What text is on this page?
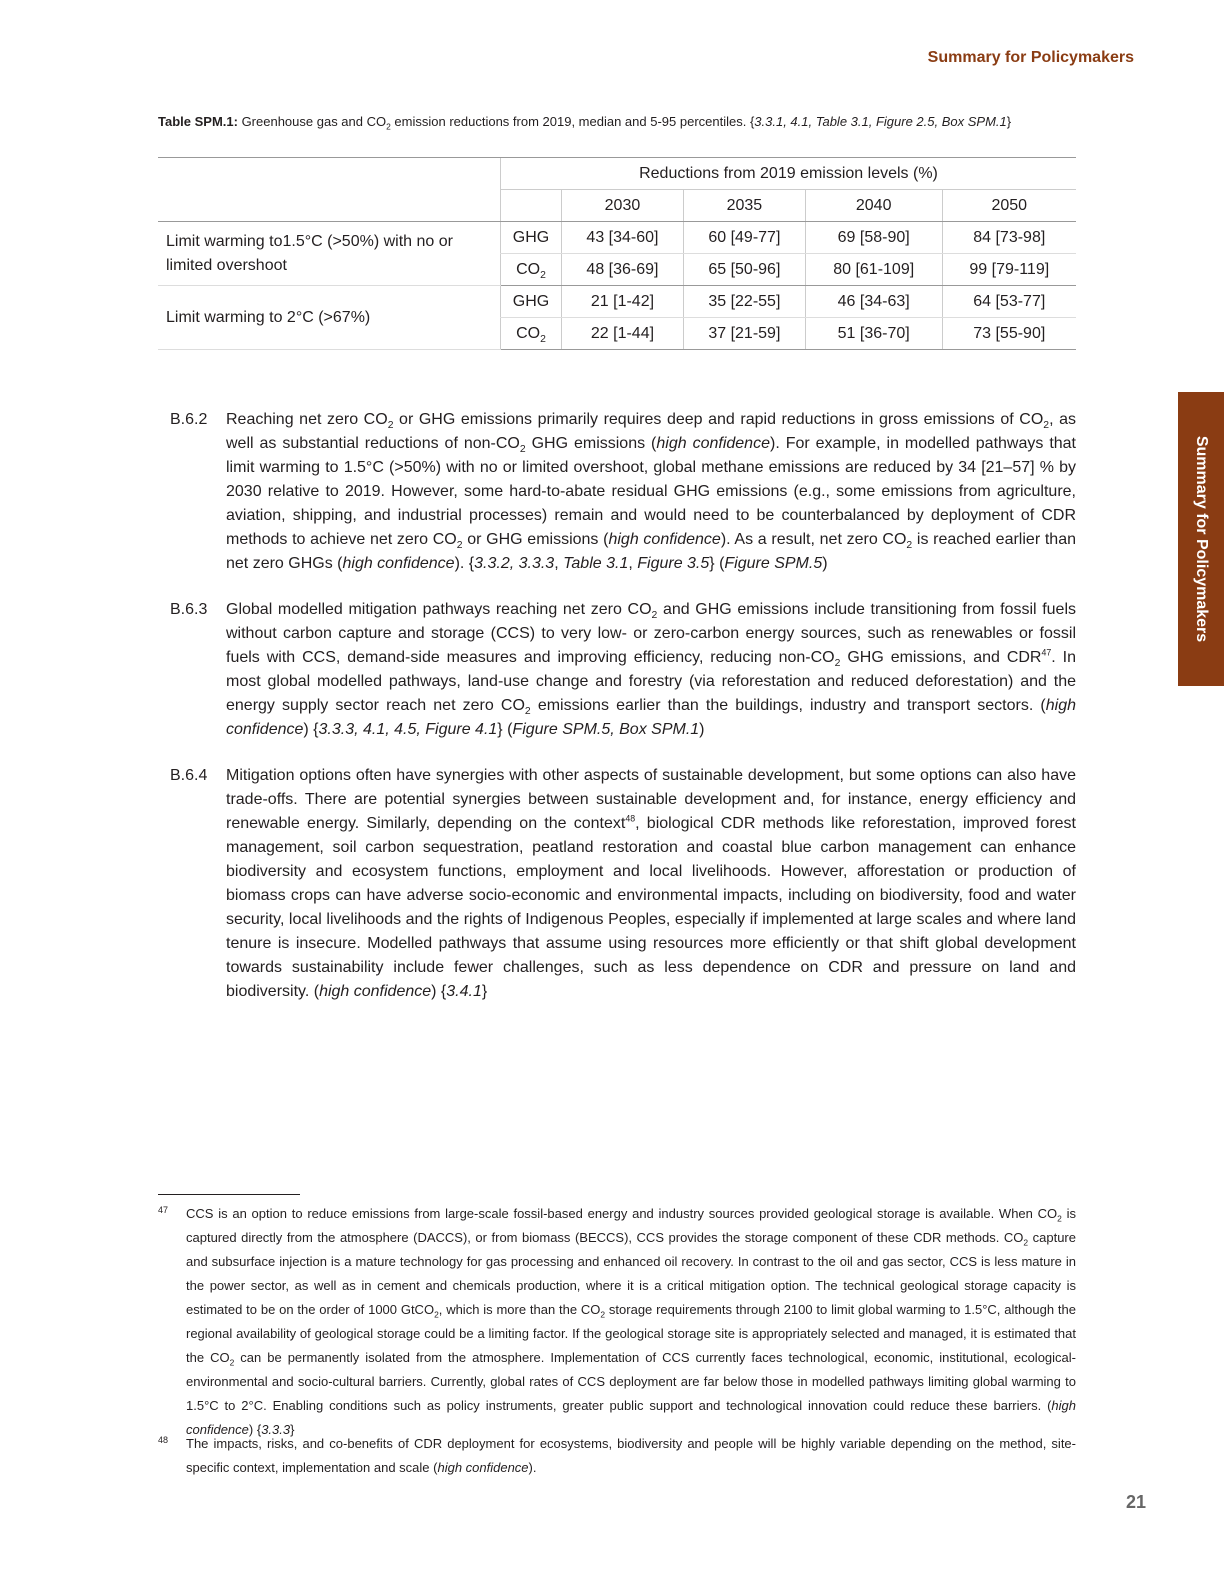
Summary for Policymakers
Summary for Policymakers
Table SPM.1: Greenhouse gas and $CO_2$ emission reductions from 2019, median and 5-95 percentiles. {3.3.1, 4.1, Table 3.1, Figure 2.5, Box SPM.1}
	Reductions from 2019 emission levels (%)				
		2030	2035	2040	2050
Limit warming to1.5°C (>50%) with no or limited overshoot	GHG	43 [34-60]	60 [49-77]	69 [58-90]	84 [73-98]
	$CO_2$	48 [36-69]	65 [50-96]	80 [61-109]	99 [79-119]
Limit warming to 2°C (>67%)	GHG	21 [1-42]	35 [22-55]	46 [34-63]	64 [53-77]
	$CO_2$	22 [1-44]	37 [21-59]	51 [36-70]	73 [55-90]
B.6.2	Reaching net zero $CO_2$ or GHG emissions primarily requires deep and rapid reductions in gross emissions of $CO_2$, as well as substantial reductions of non-$CO_2$ GHG emissions (high confidence). For example, in modelled pathways that limit warming to 1.5°C (>50%) with no or limited overshoot, global methane emissions are reduced by 34 [21–57] % by 2030 relative to 2019. However, some hard-to-abate residual GHG emissions (e.g., some emissions from agriculture, aviation, shipping, and industrial processes) remain and would need to be counterbalanced by deployment of CDR methods to achieve net zero $CO_2$ or GHG emissions (high confidence). As a result, net zero $CO_2$ is reached earlier than net zero GHGs (high confidence). {3.3.2, 3.3.3, Table 3.1, Figure 3.5} (Figure SPM.5)
B.6.3	Global modelled mitigation pathways reaching net zero $CO_2$ and GHG emissions include transitioning from fossil fuels without carbon capture and storage (CCS) to very low- or zero-carbon energy sources, such as renewables or fossil fuels with CCS, demand-side measures and improving efficiency, reducing non-$CO_2$ GHG emissions, and CDR$^{47}$. In most global modelled pathways, land-use change and forestry (via reforestation and reduced deforestation) and the energy supply sector reach net zero $CO_2$ emissions earlier than the buildings, industry and transport sectors. (high confidence) {3.3.3, 4.1, 4.5, Figure 4.1} (Figure SPM.5, Box SPM.1)
B.6.4	Mitigation options often have synergies with other aspects of sustainable development, but some options can also have trade-offs. There are potential synergies between sustainable development and, for instance, energy efficiency and renewable energy. Similarly, depending on the context$^{48}$, biological CDR methods like reforestation, improved forest management, soil carbon sequestration, peatland restoration and coastal blue carbon management can enhance biodiversity and ecosystem functions, employment and local livelihoods. However, afforestation or production of biomass crops can have adverse socio-economic and environmental impacts, including on biodiversity, food and water security, local livelihoods and the rights of Indigenous Peoples, especially if implemented at large scales and where land tenure is insecure. Modelled pathways that assume using resources more efficiently or that shift global development towards sustainability include fewer challenges, such as less dependence on CDR and pressure on land and biodiversity. (high confidence) {3.4.1}
47 CCS is an option to reduce emissions from large-scale fossil-based energy and industry sources provided geological storage is available. When $CO_2$ is captured directly from the atmosphere (DACCS), or from biomass (BECCS), CCS provides the storage component of these CDR methods. $CO_2$ capture and subsurface injection is a mature technology for gas processing and enhanced oil recovery. In contrast to the oil and gas sector, CCS is less mature in the power sector, as well as in cement and chemicals production, where it is a critical mitigation option. The technical geological storage capacity is estimated to be on the order of 1000 GtCO$_2$, which is more than the $CO_2$ storage requirements through 2100 to limit global warming to 1.5°C, although the regional availability of geological storage could be a limiting factor. If the geological storage site is appropriately selected and managed, it is estimated that the $CO_2$ can be permanently isolated from the atmosphere. Implementation of CCS currently faces technological, economic, institutional, ecological-environmental and socio-cultural barriers. Currently, global rates of CCS deployment are far below those in modelled pathways limiting global warming to 1.5°C to 2°C. Enabling conditions such as policy instruments, greater public support and technological innovation could reduce these barriers. (high confidence) {3.3.3}
48 The impacts, risks, and co-benefits of CDR deployment for ecosystems, biodiversity and people will be highly variable depending on the method, site-specific context, implementation and scale (high confidence).
21
